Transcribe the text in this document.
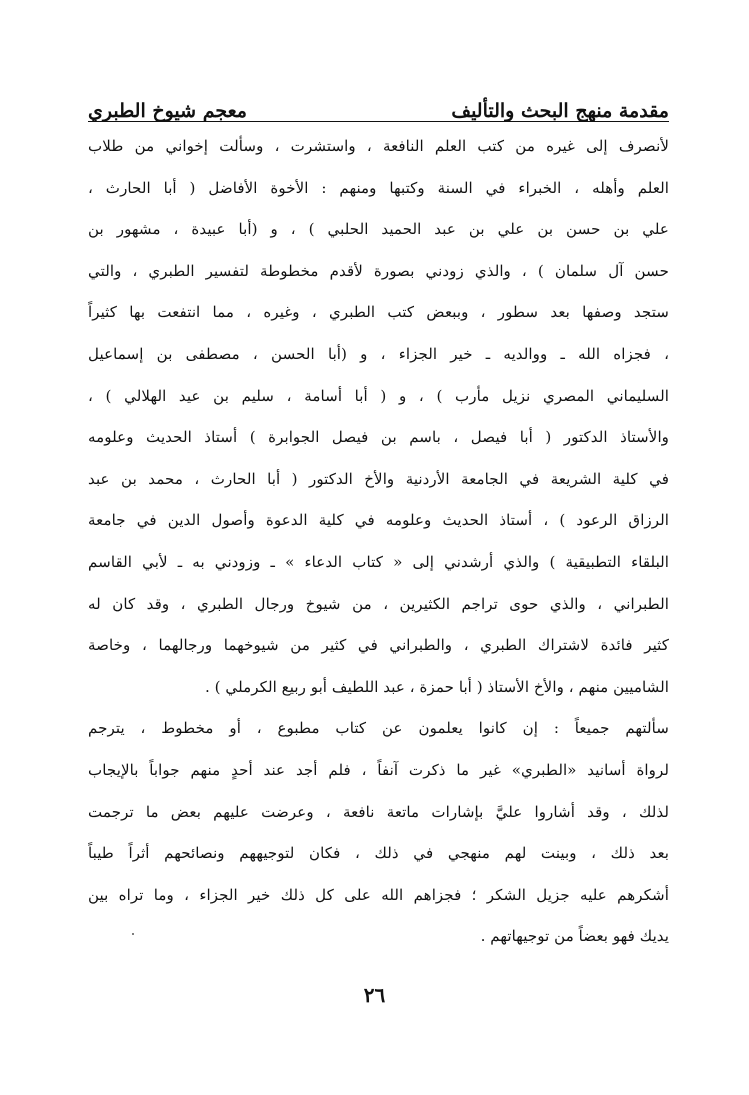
مقدمة منهج البحث والتأليف
معجم شيوخ الطبري
لأنصرف إلى غيره من كتب العلم النافعة ، واستشرت ، وسألت إخواني من طلاب
العلم وأهله ، الخبراء في السنة وكتبها ومنهم : الأخوة الأفاضل ( أبا الحارث ،
علي بن حسن بن علي بن عبد الحميد الحلبي ) ، و (أبا عبيدة ، مشهور بن
حسن آل سلمان ) ، والذي زودني بصورة لأقدم مخطوطة لتفسير الطبري ، والتي
ستجد وصفها بعد سطور ، وببعض كتب الطبري ، وغيره ، مما انتفعت بها كثيراً
، فجزاه الله ـ ووالديه ـ خير الجزاء ، و (أبا الحسن ، مصطفى بن إسماعيل
السليماني المصري نزيل مأرب ) ، و ( أبا أسامة ، سليم بن عيد الهلالي ) ،
والأستاذ الدكتور ( أبا فيصل ، باسم بن فيصل الجوابرة ) أستاذ الحديث وعلومه
في كلية الشريعة في الجامعة الأردنية والأخ الدكتور ( أبا الحارث ، محمد بن عبد
الرزاق الرعود ) ، أستاذ الحديث وعلومه في كلية الدعوة وأصول الدين في جامعة
البلقاء التطبيقية ) والذي أرشدني إلى « كتاب الدعاء » ـ وزودني به ـ لأبي القاسم
الطبراني ، والذي حوى تراجم الكثيرين ، من شيوخ ورجال الطبري ، وقد كان له
كثير فائدة لاشتراك الطبري ، والطبراني في كثير من شيوخهما ورجالهما ، وخاصة
الشاميين منهم ، والأخ الأستاذ ( أبا حمزة ، عبد اللطيف أبو ربيع الكرملي ) .
سألتهم جميعاً : إن كانوا يعلمون عن كتاب مطبوع ، أو مخطوط ، يترجم
لرواة أسانيد «الطبري» غير ما ذكرت آنفاً ، فلم أجد عند أحدٍ منهم جواباً بالإيجاب
لذلك ، وقد أشاروا عليَّ بإشارات ماتعة نافعة ، وعرضت عليهم بعض ما ترجمت
بعد ذلك ، وبينت لهم منهجي في ذلك ، فكان لتوجيههم ونصائحهم أثراً طيباً
أشكرهم عليه جزيل الشكر ؛ فجزاهم الله على كل ذلك خير الجزاء ، وما تراه بين
يديك فهو بعضاً من توجيهاتهم .
٢٦
